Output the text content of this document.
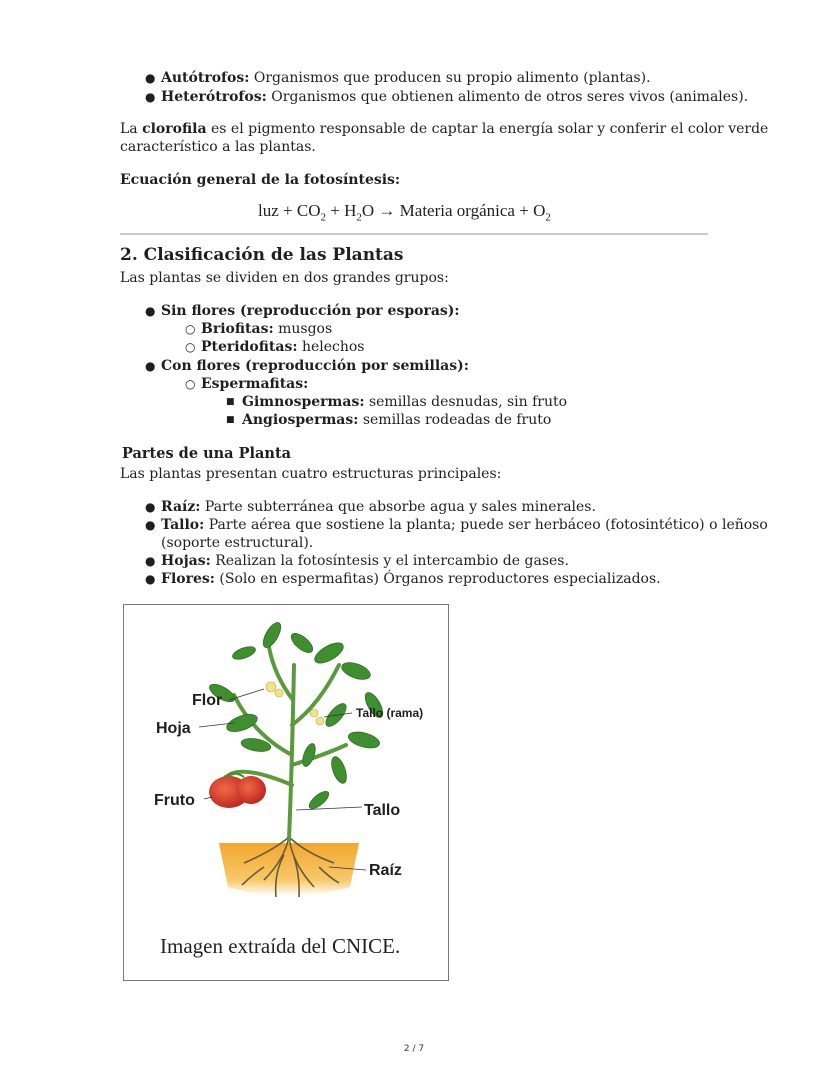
● Autótrofos: Organismos que producen su propio alimento (plantas).
● Heterótrofos: Organismos que obtienen alimento de otros seres vivos (animales).
La clorofila es el pigmento responsable de captar la energía solar y conferir el color verde
característico a las plantas.
Ecuación general de la fotosíntesis:
luz + $CO_2 + H_2O$ → Materia orgánica + $O_2$
2. Clasificación de las Plantas
Las plantas se dividen en dos grandes grupos:
● Sin flores (reproducción por esporas):
○ Briofitas: musgos
○ Pteridofitas: helechos
● Con flores (reproducción por semillas):
○ Espermafitas:
■ Gimnospermas: semillas desnudas, sin fruto
■ Angiospermas: semillas rodeadas de fruto
Partes de una Planta
Las plantas presentan cuatro estructuras principales:
● Raíz: Parte subterránea que absorbe agua y sales minerales.
● Tallo: Parte aérea que sostiene la planta; puede ser herbáceo (fotosintético) o leñoso
(soporte estructural).
● Hojas: Realizan la fotosíntesis y el intercambio de gases.
● Flores: (Solo en espermafitas) Órganos reproductores especializados.
Flor
Hoja
Fruto
Tallo (rama)
Tallo
Raíz
Imagen extraída del CNICE.
2 / 7
